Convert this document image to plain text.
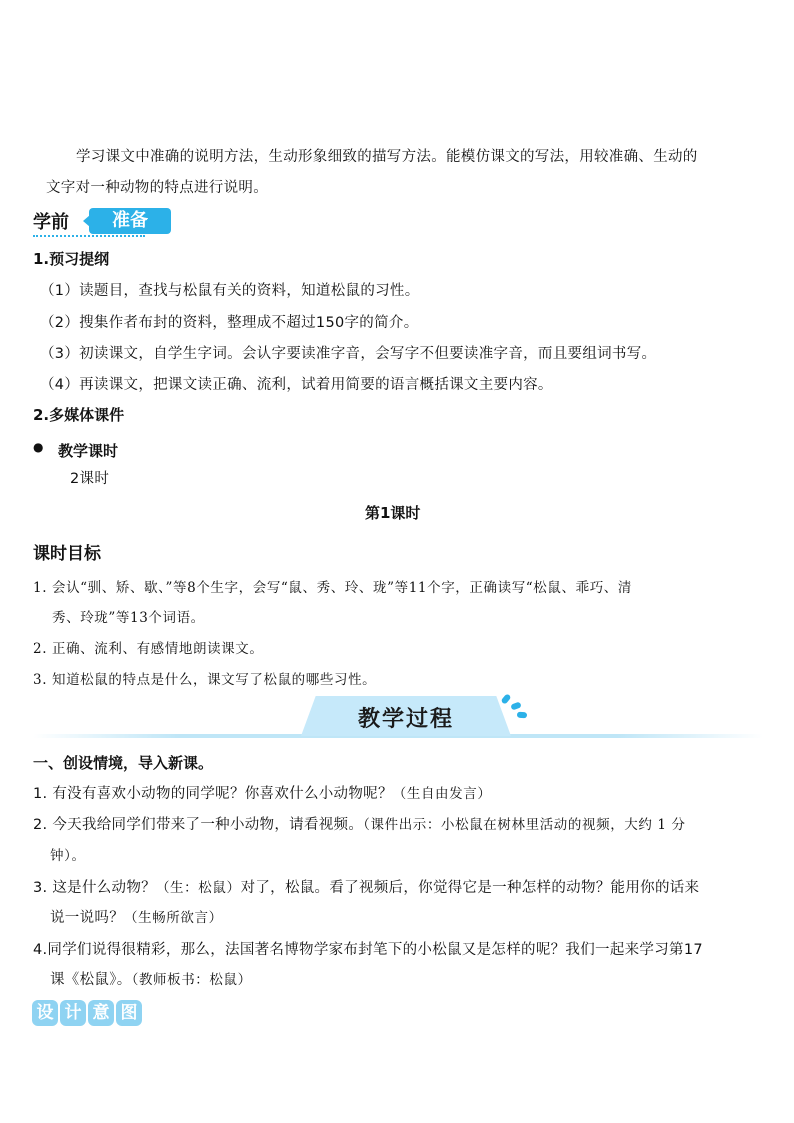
学习课文中准确的说明方法，生动形象细致的描写方法。能模仿课文的写法，用较准确、生动的
文字对一种动物的特点进行说明。
学前	准备
1.预习提纲
（1）读题目，查找与松鼠有关的资料，知道松鼠的习性。
（2）搜集作者布封的资料，整理成不超过150字的简介。
（3）初读课文，自学生字词。会认字要读准字音，会写字不但要读准字音，而且要组词书写。
（4）再读课文，把课文读正确、流利，试着用简要的语言概括课文主要内容。
2.多媒体课件
● 教学课时
2课时
第1课时
课时目标
1. 会认“驯、矫、歇、”等8个生字，会写“鼠、秀、玲、珑”等11个字，正确读写“松鼠、乖巧、清
秀、玲珑”等13个词语。
2. 正确、流利、有感情地朗读课文。
3. 知道松鼠的特点是什么，课文写了松鼠的哪些习性。
教学过程
一、创设情境，导入新课。
1. 有没有喜欢小动物的同学呢？你喜欢什么小动物呢？（生自由发言）
2. 今天我给同学们带来了一种小动物，请看视频。（课件出示：小松鼠在树林里活动的视频，大约 1 分
钟）。
3. 这是什么动物？（生：松鼠）对了，松鼠。看了视频后，你觉得它是一种怎样的动物？能用你的话来
说一说吗？（生畅所欲言）
4.同学们说得很精彩，那么，法国著名博物学家布封笔下的小松鼠又是怎样的呢？我们一起来学习第17
课《松鼠》。（教师板书：松鼠）
设 计 意 图
